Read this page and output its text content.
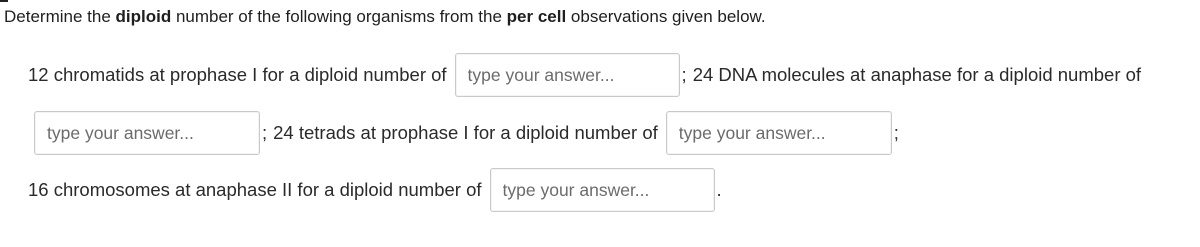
Determine the diploid number of the following organisms from the per cell observations given below.
12 chromatids at prophase I for a diploid number of
type your answer...	; 24 DNA molecules at anaphase for a diploid number of
type your answer...
; 24 tetrads at prophase I for a diploid number of
type your answer...	;
16 chromosomes at anaphase II for a diploid number of
type your answer...	.
